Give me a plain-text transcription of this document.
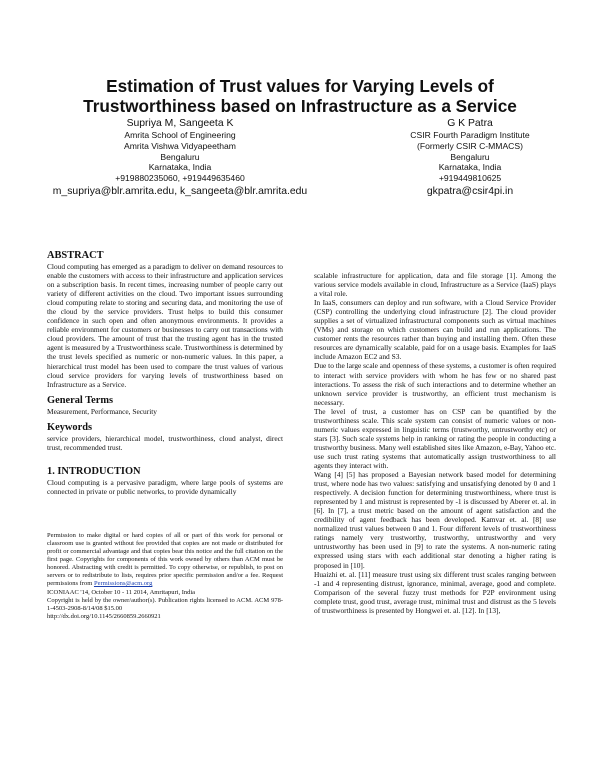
Estimation of Trust values for Varying Levels of
Trustworthiness based on Infrastructure as a Service
Supriya M, Sangeeta K
Amrita School of Engineering
Amrita Vishwa Vidyapeetham
Bengaluru
Karnataka, India
+919880235060, +919449635460
m_supriya@blr.amrita.edu, k_sangeeta@blr.amrita.edu
G K Patra
CSIR Fourth Paradigm Institute
(Formerly CSIR C-MMACS)
Bengaluru
Karnataka, India
+919449810625
gkpatra@csir4pi.in
ABSTRACT

Cloud computing has emerged as a paradigm to deliver on demand resources to enable the customers with access to their infrastructure and application services on a subscription basis. In recent times, increasing number of people carry out variety of different activities on the cloud. Two important issues surrounding cloud computing relate to storing and securing data, and monitoring the use of the cloud by the service providers. Trust helps to build this consumer confidence in such open and often anonymous environments. It provides a reliable environment for customers or businesses to carry out transactions with cloud providers. The amount of trust that the trusting agent has in the trusted agent is measured by a Trustworthiness scale. Trustworthiness is determined by the trust levels specified as numeric or non-numeric values. In this paper, a hierarchical trust model has been used to compare the trust values of various cloud service providers for varying levels of trustworthiness based on Infrastructure as a Service.

General Terms

Measurement, Performance, Security

Keywords

service providers, hierarchical model, trustworthiness, cloud analyst, direct trust, recommended trust.

1. INTRODUCTION

Cloud computing is a pervasive paradigm, where large pools of systems are connected in private or public networks, to provide dynamically

Permission to make digital or hard copies of all or part of this work for personal or classroom use is granted without fee provided that copies are not made or distributed for profit or commercial advantage and that copies bear this notice and the full citation on the first page. Copyrights for components of this work owned by others than ACM must be honored. Abstracting with credit is permitted. To copy otherwise, or republish, to post on servers or to redistribute to lists, requires prior specific permission and/or a fee. Request permissions from Permissions@acm.org

ICONIAAC '14, October 10 - 11 2014, Amritapuri, India

Copyright is held by the owner/author(s). Publication rights licensed to ACM. ACM 978-1-4503-2908-8/14/08 $15.00

http://dx.doi.org/10.1145/2660859.2660921

scalable infrastructure for application, data and file storage [1]. Among the various service models available in cloud, Infrastructure as a Service (IaaS) plays a vital role.

In IaaS, consumers can deploy and run software, with a Cloud Service Provider (CSP) controlling the underlying cloud infrastructure [2]. The cloud provider supplies a set of virtualized infrastructural components such as virtual machines (VMs) and storage on which customers can build and run applications. The customer rents the resources rather than buying and installing them. Often these resources are dynamically scalable, paid for on a usage basis. Examples for IaaS include Amazon EC2 and S3.

Due to the large scale and openness of these systems, a customer is often required to interact with service providers with whom he has few or no shared past interactions. To assess the risk of such interactions and to determine whether an unknown service provider is trustworthy, an efficient trust mechanism is necessary.

The level of trust, a customer has on CSP can be quantified by the trustworthiness scale. This scale system can consist of numeric values or non-numeric values expressed in linguistic terms (trustworthy, untrustworthy etc) or stars [3]. Such scale systems help in ranking or rating the people in conducting a trustworthy business. Many well established sites like Amazon, e-Bay, Yahoo etc. use such trust rating systems that automatically assign trustworthiness to all agents they interact with.

Wang [4] [5] has proposed a Bayesian network based model for determining trust, where node has two values: satisfying and unsatisfying denoted by 0 and 1 respectively. A decision function for determining trustworthiness, where trust is represented by 1 and mistrust is represented by -1 is discussed by Aberer et. al. in [6]. In [7], a trust metric based on the amount of agent satisfaction and the credibility of agent feedback has been developed. Kamvar et. al. [8] use normalized trust values between 0 and 1. Four different levels of trustworthiness ratings namely very trustworthy, trustworthy, untrustworthy and very untrustworthy has been used in [9] to rate the systems. A non-numeric rating expressed using stars with each additional star denoting a higher rating is proposed in [10].

Huaizhi et. al. [11] measure trust using six different trust scales ranging between -1 and 4 representing distrust, ignorance, minimal, average, good and complete. Comparison of the several fuzzy trust methods for P2P environment using complete trust, good trust, average trust, minimal trust and distrust as the 5 levels of trustworthiness is presented by Hongwei et. al. [12]. In [13],
